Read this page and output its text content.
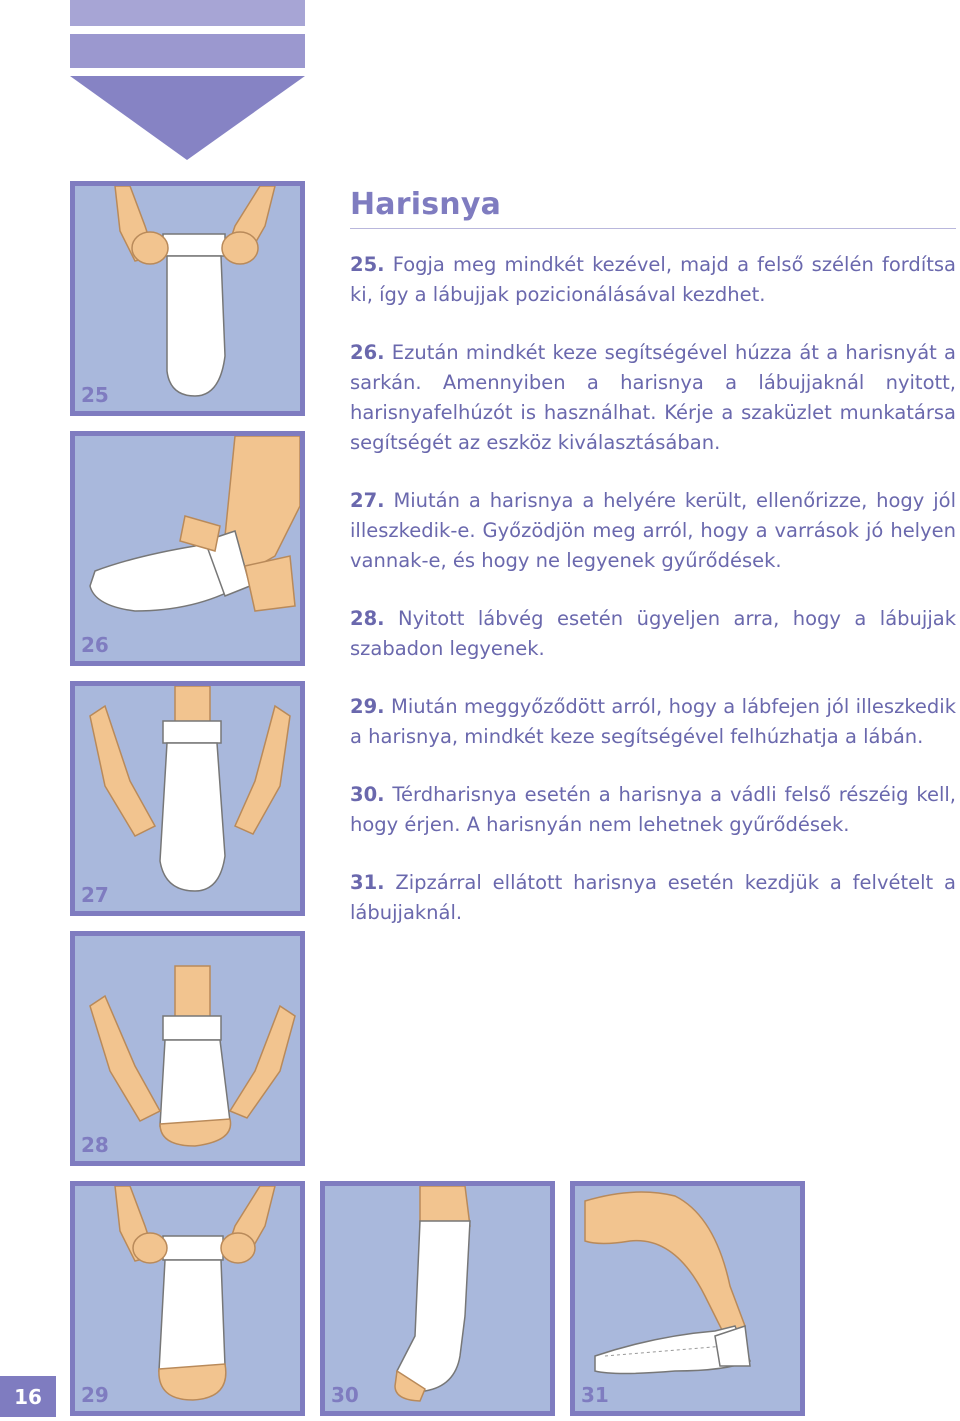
25
26
27
28
29	30	31
Harisnya

25. Fogja meg mindkét kezével, majd a felső szélén fordítsa ki, így a lábujjak pozicionálásával kezdhet.

26. Ezután mindkét keze segítségével húzza át a harisnyát a sarkán. Amennyiben a harisnya a lábujjaknál nyitott, harisnyafelhúzót is használhat. Kérje a szaküzlet munkatársa segítségét az eszköz kiválasztásában.

27. Miután a harisnya a helyére került, ellenőrizze, hogy jól illeszkedik-e. Győzödjön meg arról, hogy a varrások jó helyen vannak-e, és hogy ne legyenek gyűrődések.

28. Nyitott lábvég esetén ügyeljen arra, hogy a lábujjak szabadon legyenek.

29. Miután meggyőződött arról, hogy a lábfejen jól illeszkedik a harisnya, mindkét keze segítségével felhúzhatja a lábán.

30. Térdharisnya esetén a harisnya a vádli felső részéig kell, hogy érjen. A harisnyán nem lehetnek gyűrődések.

31. Zipzárral ellátott harisnya esetén kezdjük a felvételt a lábujjaknál.

16
